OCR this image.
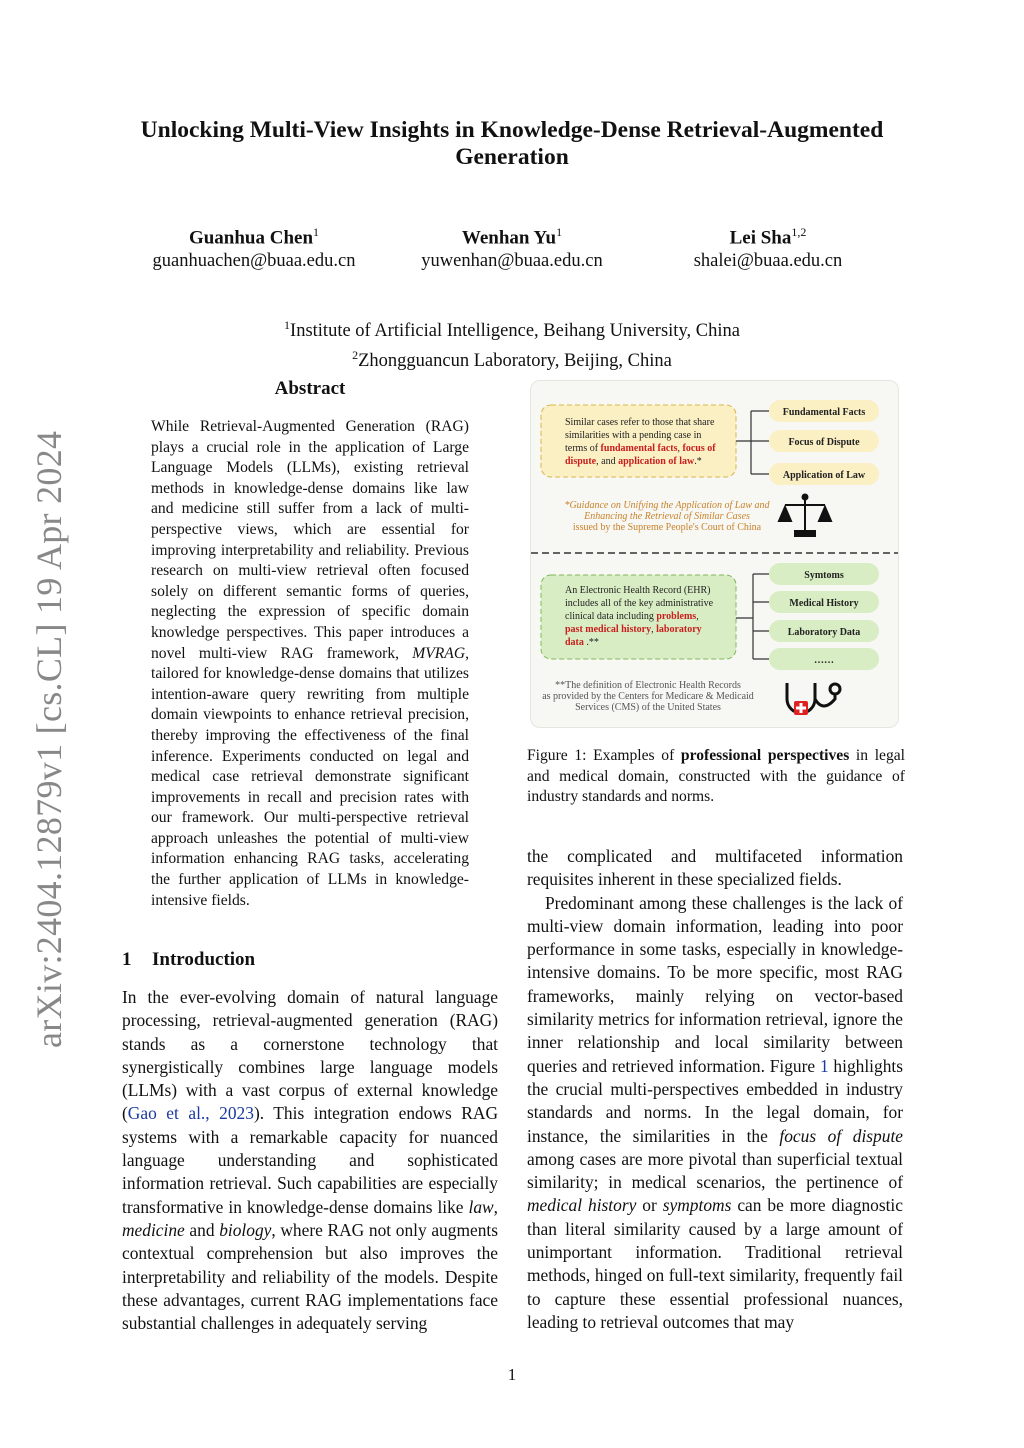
Unlocking Multi-View Insights in Knowledge-Dense Retrieval-Augmented
Generation
Guanhua Chen$^1$
guanhuachen@buaa.edu.cn
Wenhan Yu$^1$
yuwenhan@buaa.edu.cn
Lei Sha$^{1,2}$
shalei@buaa.edu.cn
$^1$Institute of Artificial Intelligence, Beihang University, China
$^2$Zhongguancun Laboratory, Beijing, China
arXiv:2404.12879v1 [cs.CL] 19 Apr 2024
Abstract
While Retrieval-Augmented Generation (RAG) plays a crucial role in the application of Large Language Models (LLMs), existing retrieval methods in knowledge-dense domains like law and medicine still suffer from a lack of multi-perspective views, which are essential for improving interpretability and reliability. Previous research on multi-view retrieval often focused solely on different semantic forms of queries, neglecting the expression of specific domain knowledge perspectives. This paper introduces a novel multi-view RAG framework, MVRAG, tailored for knowledge-dense domains that utilizes intention-aware query rewriting from multiple domain viewpoints to enhance retrieval precision, thereby improving the effectiveness of the final inference. Experiments conducted on legal and medical case retrieval demonstrate significant improvements in recall and precision rates with our framework. Our multi-perspective retrieval approach unleashes the potential of multi-view information enhancing RAG tasks, accelerating the further application of LLMs in knowledge-intensive fields.
1 Introduction
In the ever-evolving domain of natural language processing, retrieval-augmented generation (RAG) stands as a cornerstone technology that synergistically combines large language models (LLMs) with a vast corpus of external knowledge (Gao et al., 2023). This integration endows RAG systems with a remarkable capacity for nuanced language understanding and sophisticated information retrieval. Such capabilities are especially transformative in knowledge-dense domains like law, medicine and biology, where RAG not only augments contextual comprehension but also improves the interpretability and reliability of the models. Despite these advantages, current RAG implementations face substantial challenges in adequately serving
Similar cases refer to those that share
similarities with a pending case in
terms of fundamental facts, focus of
dispute, and application of law.*
Fundamental Facts
Focus of Dispute
Application of Law
*Guidance on Unifying the Application of Law and
Enhancing the Retrieval of Similar Cases
issued by the Supreme People's Court of China
An Electronic Health Record (EHR)
includes all of the key administrative
clinical data including problems,
past medical history, laboratory
data .**
Symtoms
Medical History
Laboratory Data
……
**The definition of Electronic Health Records
as provided by the Centers for Medicare & Medicaid
Services (CMS) of the United States
Figure 1: Examples of professional perspectives in legal and medical domain, constructed with the guidance of industry standards and norms.

the complicated and multifaceted information requisites inherent in these specialized fields.

Predominant among these challenges is the lack of multi-view domain information, leading into poor performance in some tasks, especially in knowledge-intensive domains. To be more specific, most RAG frameworks, mainly relying on vector-based similarity metrics for information retrieval, ignore the inner relationship and local similarity between queries and retrieved information. Figure 1 highlights the crucial multi-perspectives embedded in industry standards and norms. In the legal domain, for instance, the similarities in the focus of dispute among cases are more pivotal than superficial textual similarity; in medical scenarios, the pertinence of medical history or symptoms can be more diagnostic than literal similarity caused by a large amount of unimportant information. Traditional retrieval methods, hinged on full-text similarity, frequently fail to capture these essential professional nuances, leading to retrieval outcomes that may

1
